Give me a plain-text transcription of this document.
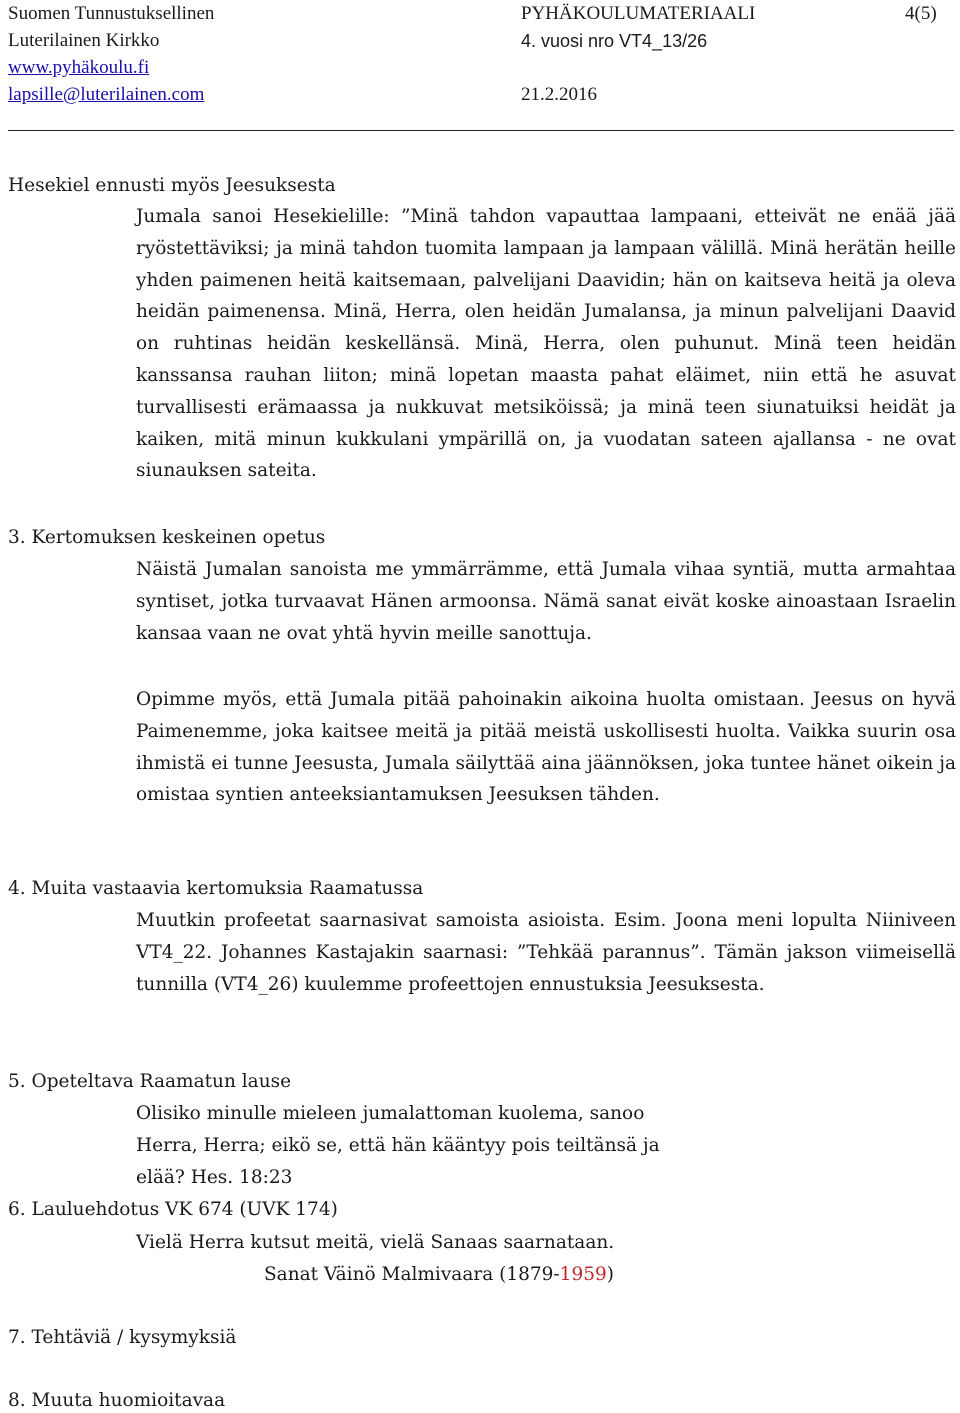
Suomen Tunnustuksellinen
Luterilainen Kirkko
www.pyhäkoulu.fi
lapsille@luterilainen.com
PYHÄKOULUMATERIAALI
4. vuosi nro VT4_13/26
21.2.2016
4(5)
Hesekiel ennusti myös Jeesuksesta
Jumala sanoi Hesekielille: ”Minä tahdon vapauttaa lampaani, etteivät ne enää jää ryöstettäviksi; ja minä tahdon tuomita lampaan ja lampaan välillä. Minä herätän heille yhden paimenen heitä kaitsemaan, palvelijani Daavidin; hän on kaitseva heitä ja oleva heidän paimenensa. Minä, Herra, olen heidän Jumalansa, ja minun palvelijani Daavid on ruhtinas heidän keskellänsä. Minä, Herra, olen puhunut. Minä teen heidän kanssansa rauhan liiton; minä lopetan maasta pahat eläimet, niin että he asuvat turvallisesti erämaassa ja nukkuvat metsiköissä; ja minä teen siunatuiksi heidät ja kaiken, mitä minun kukkulani ympärillä on, ja vuodatan sateen ajallansa - ne ovat siunauksen sateita.
3. Kertomuksen keskeinen opetus
Näistä Jumalan sanoista me ymmärrämme, että Jumala vihaa syntiä, mutta armahtaa syntiset, jotka turvaavat Hänen armoonsa. Nämä sanat eivät koske ainoastaan Israelin kansaa vaan ne ovat yhtä hyvin meille sanottuja.
Opimme myös, että Jumala pitää pahoinakin aikoina huolta omistaan. Jeesus on hyvä Paimenemme, joka kaitsee meitä ja pitää meistä uskollisesti huolta. Vaikka suurin osa ihmistä ei tunne Jeesusta, Jumala säilyttää aina jäännöksen, joka tuntee hänet oikein ja omistaa syntien anteeksiantamuksen Jeesuksen tähden.
4. Muita vastaavia kertomuksia Raamatussa
Muutkin profeetat saarnasivat samoista asioista. Esim. Joona meni lopulta Niiniveen VT4_22. Johannes Kastajakin saarnasi: ”Tehkää parannus”. Tämän jakson viimeisellä tunnilla (VT4_26) kuulemme profeettojen ennustuksia Jeesuksesta.
5. Opeteltava Raamatun lause
Olisiko minulle mieleen jumalattoman kuolema, sanoo Herra, Herra; eikö se, että hän kääntyy pois teiltänsä ja elää? Hes. 18:23
6. Lauluehdotus VK 674 (UVK 174)
Vielä Herra kutsut meitä, vielä Sanaas saarnataan.
Sanat Väinö Malmivaara (1879-1959)
7. Tehtäviä / kysymyksiä
8. Muuta huomioitavaa
